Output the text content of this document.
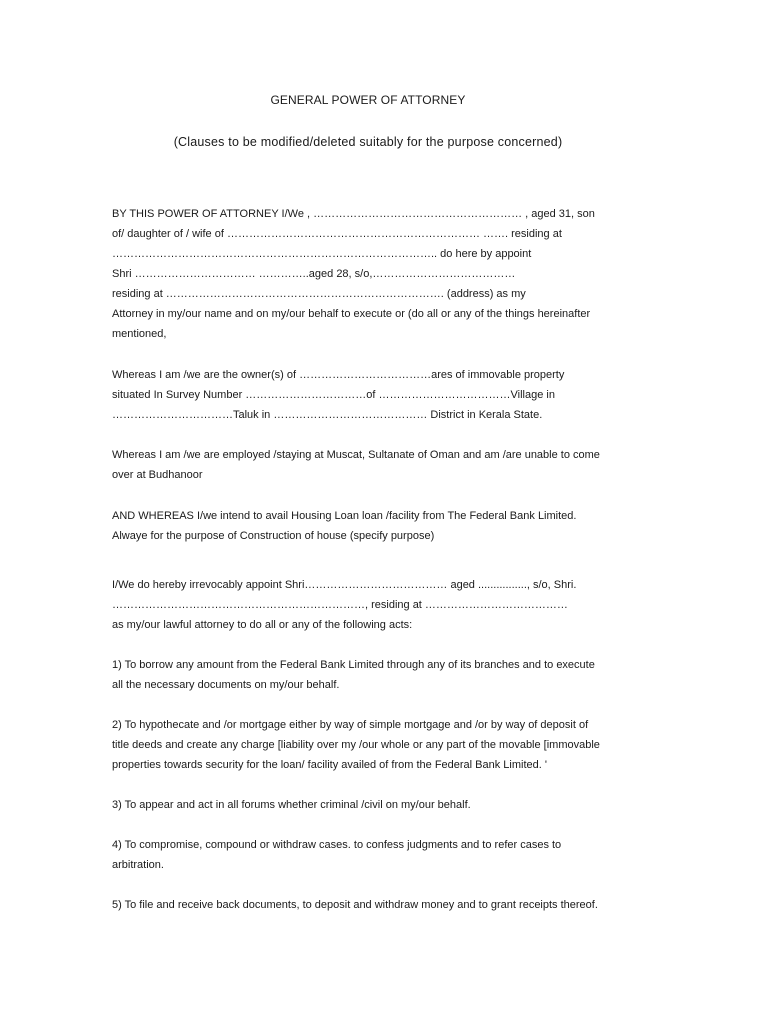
GENERAL POWER OF ATTORNEY
(Clauses to be modified/deleted suitably for the purpose concerned)

BY THIS POWER OF ATTORNEY I/We , ………………………………………………… , aged 31, son
of/ daughter of / wife of …………………………………………………………… ……. residing at
…………………………………………………………………………….. do here by appoint
Shri …………………………… …………..aged 28, s/o,…………………………………
residing at …………………………………………………………………. (address) as my
Attorney in my/our name and on my/our behalf to execute or (do all or any of the things hereinafter
mentioned,

Whereas I am /we are the owner(s) of ………………………………ares of immovable property
situated In Survey Number ……………………………of ………………………………Village in
……………………………Taluk in …………………………………… District in Kerala State.

Whereas I am /we are employed /staying at Muscat, Sultanate of Oman and am /are unable to come
over at Budhanoor

AND WHEREAS I/we intend to avail Housing Loan loan /facility from The Federal Bank Limited.
Alwaye for the purpose of Construction of house (specify purpose)

I/We do hereby irrevocably appoint Shri………………………………… aged ................, s/o, Shri.
……………………………………………………………, residing at …………………………………
as my/our lawful attorney to do all or any of the following acts:

1) To borrow any amount from the Federal Bank Limited through any of its branches and to execute
all the necessary documents on my/our behalf.

2) To hypothecate and /or mortgage either by way of simple mortgage and /or by way of deposit of
title deeds and create any charge [liability over my /our whole or any part of the movable [immovable
properties towards security for the loan/ facility availed of from the Federal Bank Limited. '

3) To appear and act in all forums whether criminal /civil on my/our behalf.

4) To compromise, compound or withdraw cases. to confess judgments and to refer cases to
arbitration.

5) To file and receive back documents, to deposit and withdraw money and to grant receipts thereof.
